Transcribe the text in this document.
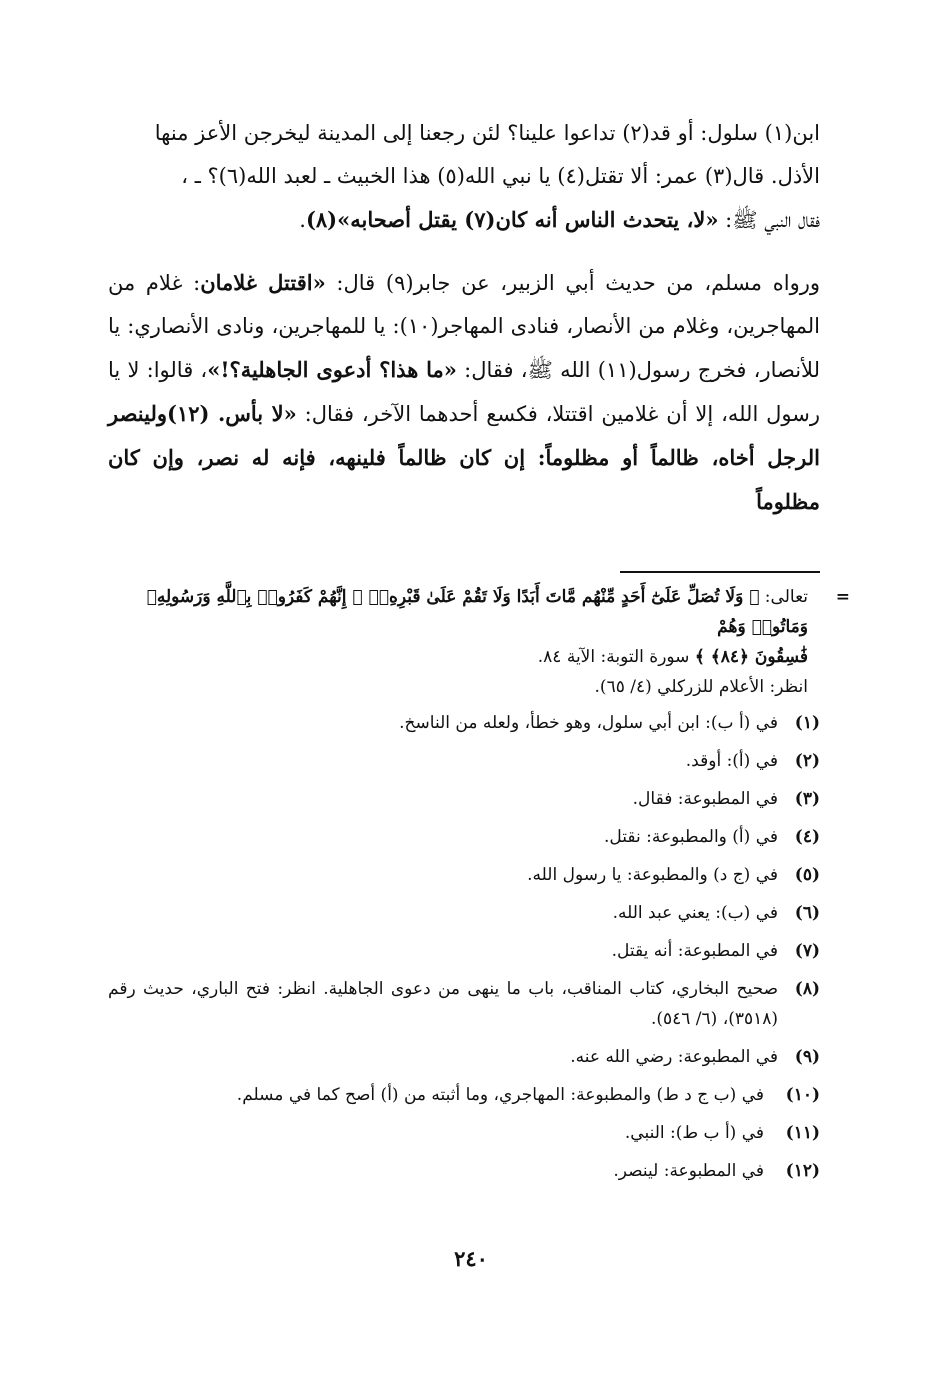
ابن(١) سلول: أو قد(٢) تداعوا علينا؟ لئن رجعنا إلى المدينة ليخرجن الأعز منها
الأذل. قال(٣) عمر: ألا تقتل(٤) يا نبي الله(٥) هذا الخبيث ـ لعبد الله(٦)؟ ـ ،
فقال النبي ﷺ: «لا، يتحدث الناس أنه كان(٧) يقتل أصحابه»(٨).

ورواه مسلم، من حديث أبي الزبير، عن جابر(٩) قال: «اقتتل غلامان: غلام من المهاجرين، وغلام من الأنصار، فنادى المهاجر(١٠): يا للمهاجرين، ونادى الأنصاري: يا للأنصار، فخرج رسول(١١) الله ﷺ، فقال: «ما هذا؟ أدعوى الجاهلية؟!»، قالوا: لا يا رسول الله، إلا أن غلامين اقتتلا، فكسع أحدهما الآخر، فقال: «لا بأس. (١٢)ولينصر الرجل أخاه، ظالماً أو مظلوماً: إن كان ظالماً فلينهه، فإنه له نصر، وإن كان مظلوماً

=
تعالى: ﴿ وَلَا تُصَلِّ عَلَىٰٓ أَحَدٍ مِّنْهُم مَّاتَ أَبَدًا وَلَا تَقُمْ عَلَىٰ قَبْرِهِۦٓ ۖ إِنَّهُمْ كَفَرُوا۟ بِٱللَّهِ وَرَسُولِهِۦ وَمَاتُوا۟ وَهُمْ
فَٰسِقُونَ ﴿٨٤﴾ ﴾ سورة التوبة: الآية ٨٤.
انظر: الأعلام للزركلي (٤/ ٦٥).
(١)
في (أ ب): ابن أبي سلول، وهو خطأ، ولعله من الناسخ.
(٢)
في (أ): أوقد.
(٣)
في المطبوعة: فقال.
(٤)
في (أ) والمطبوعة: نقتل.
(٥)
في (ج د) والمطبوعة: يا رسول الله.
(٦)
في (ب): يعني عبد الله.
(٧)
في المطبوعة: أنه يقتل.
(٨)
صحيح البخاري، كتاب المناقب، باب ما ينهى من دعوى الجاهلية. انظر: فتح الباري، حديث رقم (٣٥١٨)، (٦/ ٥٤٦).
(٩)
في المطبوعة: رضي الله عنه.
(١٠)
في (ب ج د ط) والمطبوعة: المهاجري، وما أثبته من (أ) أصح كما في مسلم.
(١١)
في (أ ب ط): النبي.
(١٢)
في المطبوعة: لينصر.
٢٤٠
